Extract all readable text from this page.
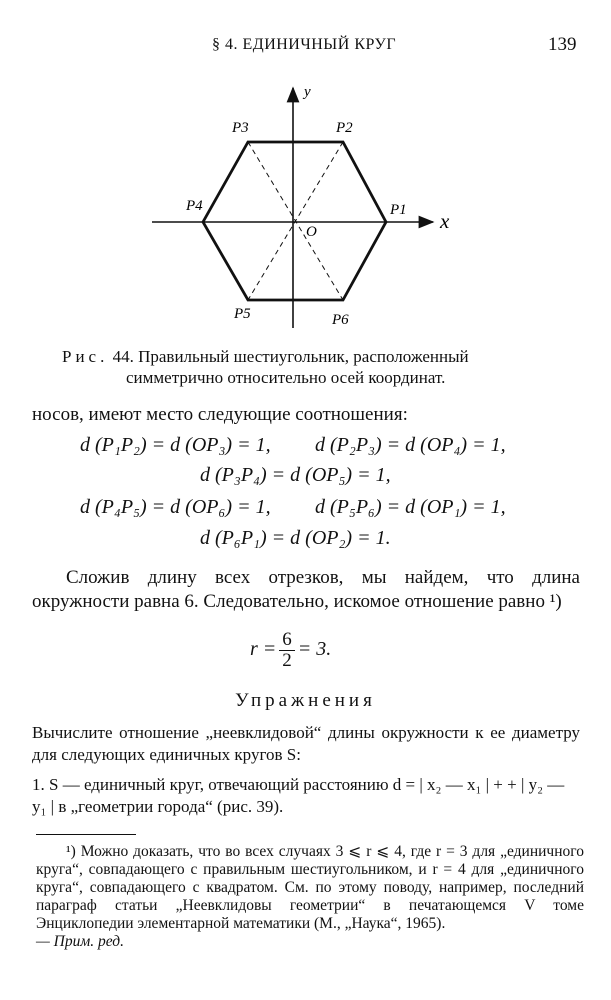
§ 4. ЕДИНИЧНЫЙ КРУГ	139
y
x
O
P1
P2
P3
P4
P5	P6
Рис. 44. Правильный шестиугольник, расположенный
симметрично относительно осей координат.
носов, имеют место следующие соотношения:
d (P₁P₂) = d (OP₃) = 1, d (P₂P₃) = d (OP₄) = 1,
d (P₃P₄) = d (OP₅) = 1,
d (P₄P₅) = d (OP₆) = 1, d (P₅P₆) = d (OP₁) = 1,
d (P₆P₁) = d (OP₂) = 1.
Сложив длину всех отрезков, мы найдем, что длина окружности равна 6. Следовательно, искомое отношение равно ¹)
$r = \frac{6}{2} = 3$.
Упражнения
Вычислите отношение „неевклидовой“ длины окружности к ее диаметру для следующих единичных кругов S:
1. S — единичный круг, отвечающий расстоянию d = | x₂ — x₁ | + + | y₂ — y₁ | в „геометрии города“ (рис. 39).
¹) Можно доказать, что во всех случаях 3 ⩽ r ⩽ 4, где r = 3 для „единичного круга“, совпадающего с правильным шестиугольником, и r = 4 для „единичного круга“, совпадающего с квадратом. См. по этому поводу, например, последний параграф статьи „Неевклидовы геометрии“ в печатающемся V томе Энциклопедии элементарной математики (М., „Наука“, 1965).
— Прим. ред.
